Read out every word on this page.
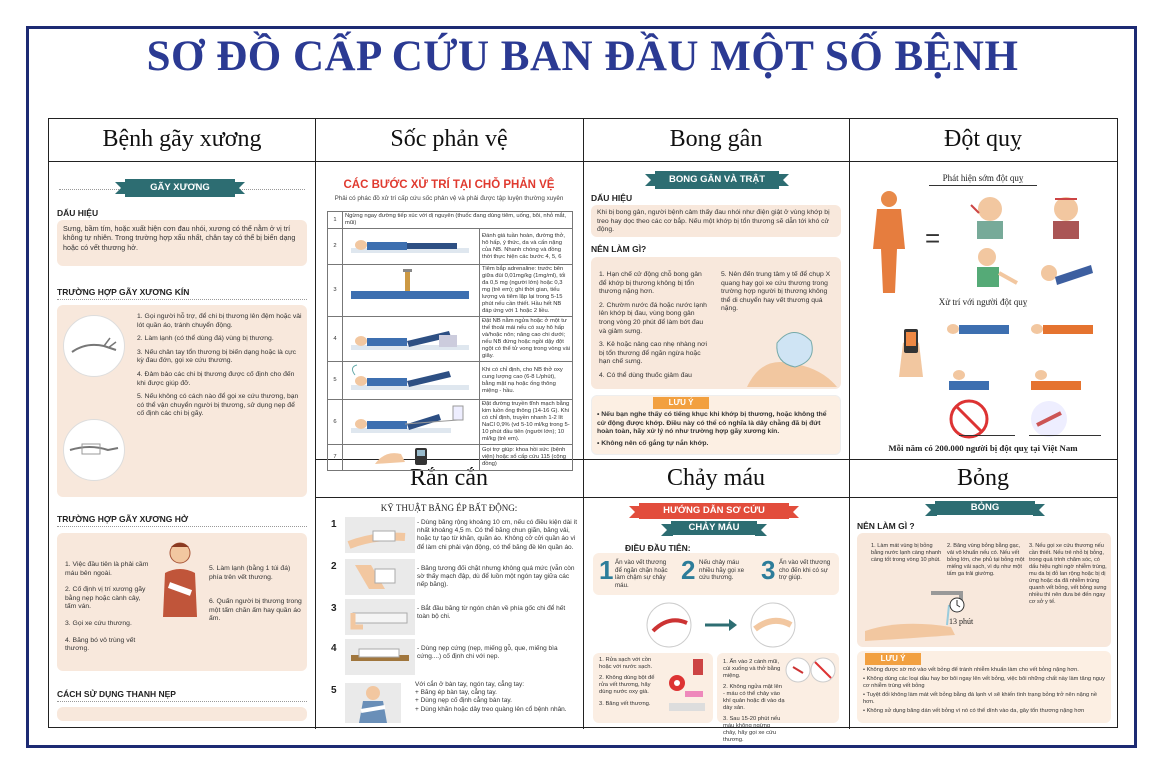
SƠ ĐỒ CẤP CỨU BAN ĐẦU MỘT SỐ BỆNH
Bệnh gãy xương	Sốc phản vệ	Bong gân	Đột quỵ
Rắn cắn	Chảy máu	Bỏng
GÃY XƯƠNG
DẤU HIỆU
Sưng, bầm tím, hoặc xuất hiện cơn đau nhói, xương có thể nằm ở vị trí không tự nhiên. Trong trường hợp xấu nhất, chân tay có thể bị biến dạng hoặc có vết thương hở.
TRƯỜNG HỢP GÃY XƯƠNG KÍN

1. Gọi người hỗ trợ, để chi bị thương lên đệm hoặc vải lót quần áo, tránh chuyển động.

2. Làm lạnh (có thể dùng đá) vùng bị thương.

3. Nếu chân tay tổn thương bị biến dạng hoặc là cực kỳ đau đớn, gọi xe cứu thương.

4. Đảm bảo các chi bị thương được cố định cho đến khi được giúp đỡ.

5. Nếu không có cách nào để gọi xe cứu thương, bạn có thể vận chuyển người bị thương, sử dụng nẹp để cố định các chi bị gãy.

TRƯỜNG HỢP GÃY XƯƠNG HỞ

1. Việc đầu tiên là phải cầm máu bên ngoài.

2. Cố định vị trí xương gãy bằng nẹp hoặc cành cây, tấm ván.

3. Gọi xe cứu thương.

4. Băng bó vô trùng vết thương.

5. Làm lạnh (bằng 1 túi đá) phía trên vết thương.

6. Quấn người bị thương trong một tấm chăn ấm hay quần áo ấm.

CÁCH SỬ DỤNG THANH NẸP
CÁC BƯỚC XỬ TRÍ TẠI CHỖ PHẢN VỆ
Phải có phác đồ xử trí cấp cứu sốc phản vệ và phải được tập luyện thường xuyên
1	Ngừng ngay đường tiếp xúc với dị nguyên (thuốc đang dùng tiêm, uống, bôi, nhỏ mắt, mũi)	
2		Đánh giá tuần hoàn, đường thở, hô hấp, ý thức, da và cấn nặng của NB. Nhanh chóng và đồng thời thực hiện các bước 4, 5, 6
3		Tiêm bắp adrenaline: trước bên giữa đùi 0,01mg/kg (1mg/ml), tối đa 0,5 mg (người lớn) hoặc 0,3 mg (trẻ em); ghi thời gian, tiếu lượng và tiêm lặp lại trong 5-15 phút nếu cần thiết. Hầu hết NB đáp ứng với 1 hoặc 2 liều.
4		Đặt NB nằm ngửa hoặc ở một tư thế thoải mái nếu có suy hô hấp và/hoặc nôn; nâng cao chi dưới; nếu NB đứng hoặc ngồi dậy đột ngột có thể tử vong trong vòng vài giây.
5		Khi có chỉ định, cho NB thở oxy cung lượng cao (6-8 L/phút), bằng mặt nạ hoặc ống thông miệng - hầu.
6		Đặt đường truyền tĩnh mạch bằng kim luồn ống thông (14-16 G). Khi có chỉ định, truyền nhanh 1-2 lít NaCl 0,9% (vd 5-10 ml/kg trong 5-10 phút đầu tiên (người lớn); 10 ml/kg (trẻ em).
7		Gọi trợ giúp: khoa hồi sức (bệnh viện) hoặc số cấp cứu 115 (cộng đồng)
BONG GÂN VÀ TRẬT KHỚP
DẤU HIỆU
Khi bị bong gân, người bệnh cảm thấy đau nhói như điện giật ở vùng khớp bị treo hay dọc theo các cơ bắp. Nếu một khớp bị tổn thương sẽ dẫn tới khó cử động.
NÊN LÀM GÌ?

1. Hạn chế cử động chỗ bong gân để khớp bị thương không bị tổn thương nặng hơn.

2. Chườm nước đá hoặc nước lạnh lên khớp bị đau, vùng bong gân trong vòng 20 phút để làm bớt đau và giảm sưng.

3. Kê hoặc nâng cao nhẹ nhàng nơi bị tổn thương để ngăn ngừa hoặc hạn chế sưng.

4. Có thể dùng thuốc giảm đau

5. Nên đến trung tâm y tế để chụp X quang hay gọi xe cứu thương trong trường hợp người bị thương không thể di chuyển hay vết thương quá nặng.
LƯU Ý

• Nếu bạn nghe thấy có tiếng khục khi khớp bị thương, hoặc không thể cử động được khớp. Điều này có thể có nghĩa là dây chằng đã bị đứt hoàn toàn, hãy xử lý nó như trường hợp gãy xương kín.

• Không nên cố gắng tự nắn khớp.

Phát hiện sớm đột quỵ
=
Xử trí với người đột quỵ
Mỗi năm có 200.000 người bị đột quỵ tại Việt Nam
KỸ THUẬT BĂNG ÉP BẤT ĐỘNG:
1	- Dùng băng rộng khoảng 10 cm, nếu có điều kiện dài ít nhất khoảng 4,5 m. Có thể băng chun giãn, băng vải, hoặc tự tạo từ khăn, quần áo. Không cở cởi quần áo vì để làm chi phải vận động, có thể băng đè lên quần áo.
2	- Băng tương đối chặt nhưng không quá mức (vẫn còn sờ thấy mạch đập, dù để luồn một ngón tay giữa các nếp băng).
3	- Bắt đầu băng từ ngón chân về phía gốc chi để hết toàn bộ chi.
4	- Dùng nẹp cứng (nẹp, miếng gỗ, que, miếng bìa cứng....) cố định chi với nẹp.
5
Với cắn ở bàn tay, ngón tay, cẳng tay:
+ Băng ép bàn tay, cẳng tay.
+ Dùng nẹp cố định cẳng bàn tay.
+ Dùng khăn hoặc dây treo quàng lên cổ bệnh nhân.
HƯỚNG DẪN SƠ CỨU
CHẢY MÁU
ĐIỀU ĐẦU TIÊN:
1 Ấn vào vết thương để ngăn chặn hoặc làm chậm sự chảy máu.
2 Nếu chảy máu nhiều hãy gọi xe cứu thương.	3 Ấn vào vết thương cho đến khi có sự trợ giúp.

1. Rửa sạch với cồn hoặc với nước sạch.

2. Không dùng bột để rửa vết thương, hãy dùng nước oxy già.

3. Băng vết thương.

1. Ấn vào 2 cánh mũi, cúi xuống và thở bằng miệng.

2. Không ngửa mặt lên - máu có thể chảy vào khí quản hoặc đi vào dạ dày sản.

3. Sau 15-20 phút nếu máu không ngừng chảy, hãy gọi xe cứu thương.

BỎNG
NÊN LÀM GÌ ?
1. Làm mát vùng bị bỏng bằng nước lạnh càng nhanh càng tốt trong vòng 10 phút.
2. Băng vùng bỏng bằng gạc, vải vô khuẩn nếu có. Nếu vết bỏng lớn, che phủ tại bỏng một miếng vải sạch, vì dụ như một tấm ga trải giường.
3. Nếu gọi xe cứu thương nếu cần thiết. Nếu trẻ nhỏ bị bỏng, trong quá trình chăm sóc, có dấu hiệu nghi ngờ nhiễm trùng, mu da bị đỏ lan rộng hoặc bị dị ứng hoặc da đã nhiễm trùng quanh vết bỏng, vết bỏng sưng nhiều thì nên đưa bé đến ngay cơ sở y tế.
13 phút
LƯU Ý

• Không được sờ mó vào vết bỏng để tránh nhiễm khuẩn làm cho vết bỏng nặng hơn.

• Không dùng các loại dầu hay bơ bôi ngay lên vết bỏng, việc bôi những chất này làm tăng nguy cơ nhiễm trùng vết bỏng

• Tuyệt đối không làm mát vết bỏng bằng đá lạnh vì sẽ khiến tình trạng bỏng trở nên nặng nề hơn.

• Không sử dụng băng dán vết bỏng vì nó có thể dính vào da, gây tổn thương nặng hơn
